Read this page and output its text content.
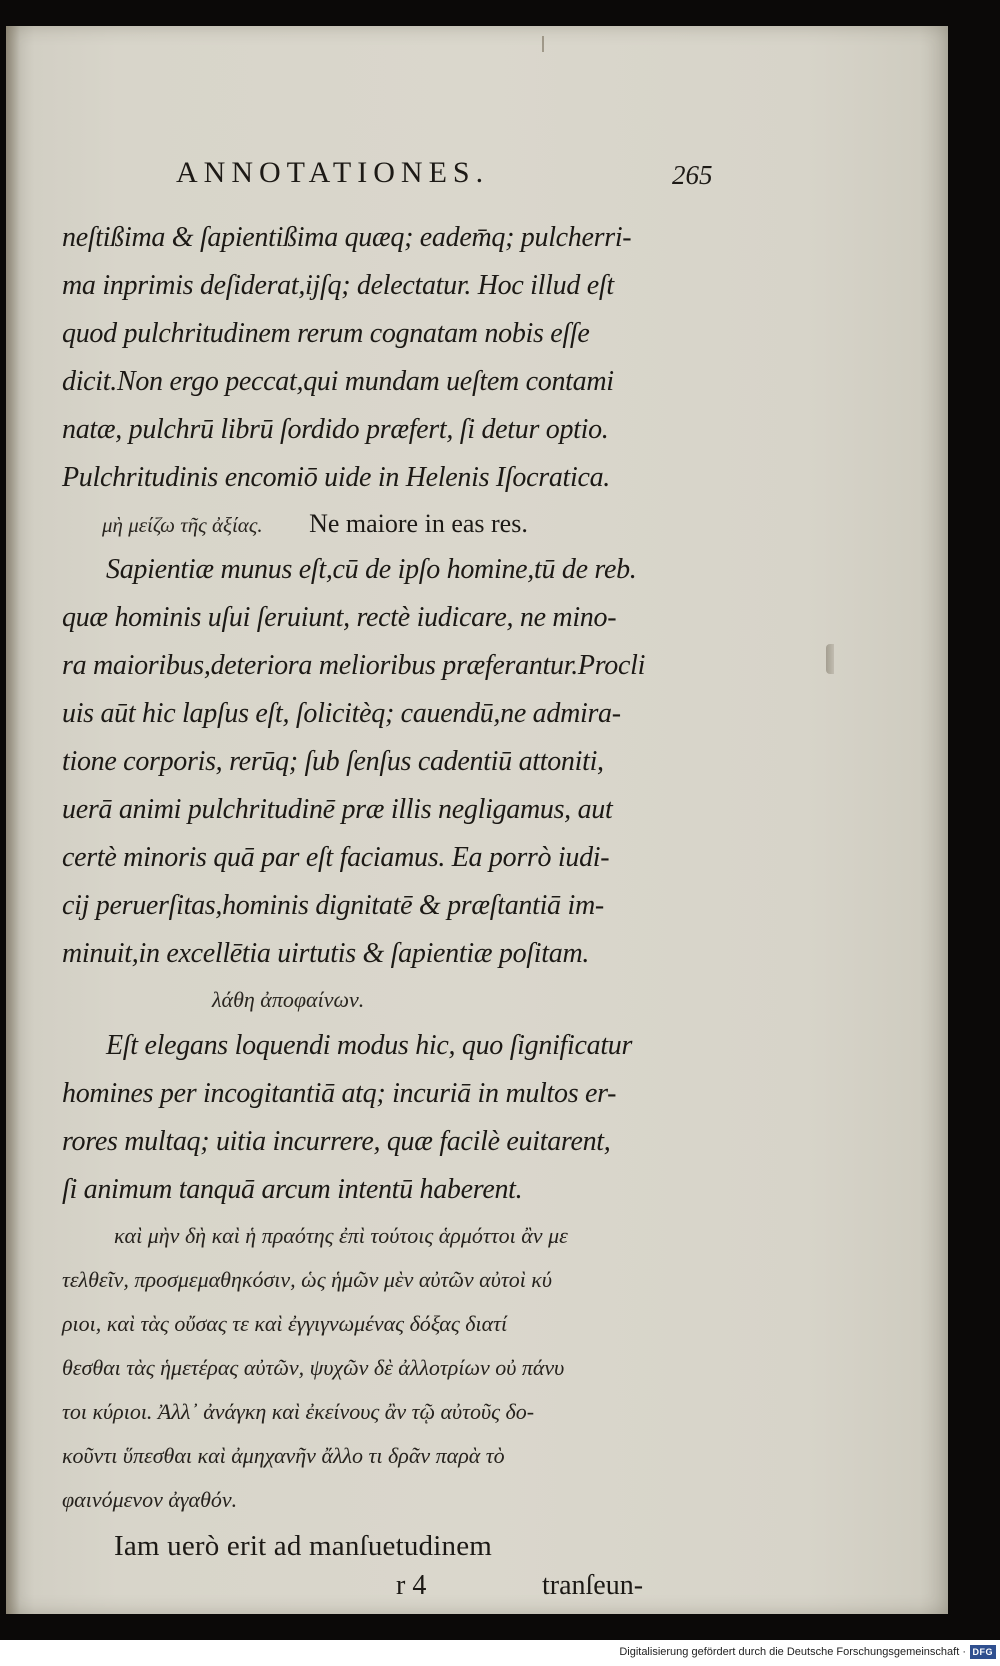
ANNOTATIONES.	265
neſtißima & ſapientißima quæq; eadem̄q; pulcherri-
ma inprimis deſiderat,ijſq; delectatur. Hoc illud eſt
quod pulchritudinem rerum cognatam nobis eſſe
dicit.Non ergo peccat,qui mundam ueſtem contami
natæ, pulchrū librū ſordido præfert, ſi detur optio.
Pulchritudinis encomiō uide in Helenis Iſocratica.
μὴ μείζω τῆς ἀξίας. Ne maiore in eas res.
Sapientiæ munus eſt,cū de ipſo homine,tū de reb.
quæ hominis uſui ſeruiunt, rectè iudicare, ne mino-
ra maioribus,deteriora melioribus præferantur.Procli
uis aūt hic lapſus eſt, ſolicitèq; cauendū,ne admira-
tione corporis, rerūq; ſub ſenſus cadentiū attoniti,
uerā animi pulchritudinē præ illis negligamus, aut
certè minoris quā par eſt faciamus. Ea porrò iudi-
cij peruerſitas,hominis dignitatē & præſtantiā im-
minuit,in excellētia uirtutis & ſapientiæ poſitam.
λάθη ἀποφαίνων.
Eſt elegans loquendi modus hic, quo ſignificatur
homines per incogitantiā atq; incuriā in multos er-
rores multaq; uitia incurrere, quæ facilè euitarent,
ſi animum tanquā arcum intentū haberent.
καὶ μὴν δὴ καὶ ἡ πραότης ἐπὶ τούτοις ἁρμόττοι ἂν με
τελθεῖν, προσμεμαθηκόσιν, ὡς ἡμῶν μὲν αὐτῶν αὐτοὶ κύ
ριοι, καὶ τὰς οὔσας τε καὶ ἐγγιγνωμένας δόξας διατί
θεσθαι τὰς ἡμετέρας αὐτῶν, ψυχῶν δὲ ἀλλοτρίων οὐ πάνυ
τοι κύριοι. Ἀλλ᾽ ἀνάγκη καὶ ἐκείνους ἂν τῷ αὐτοῦς δο-
κοῦντι ὕπεσθαι καὶ ἀμηχανῆν ἄλλο τι δρᾶν παρὰ τὸ
φαινόμενον ἀγαθόν.
Iam uerò erit ad manſuetudinem
r 4	tranſeun-
Digitalisierung gefördert durch die Deutsche Forschungsgemeinschaft · DFG
